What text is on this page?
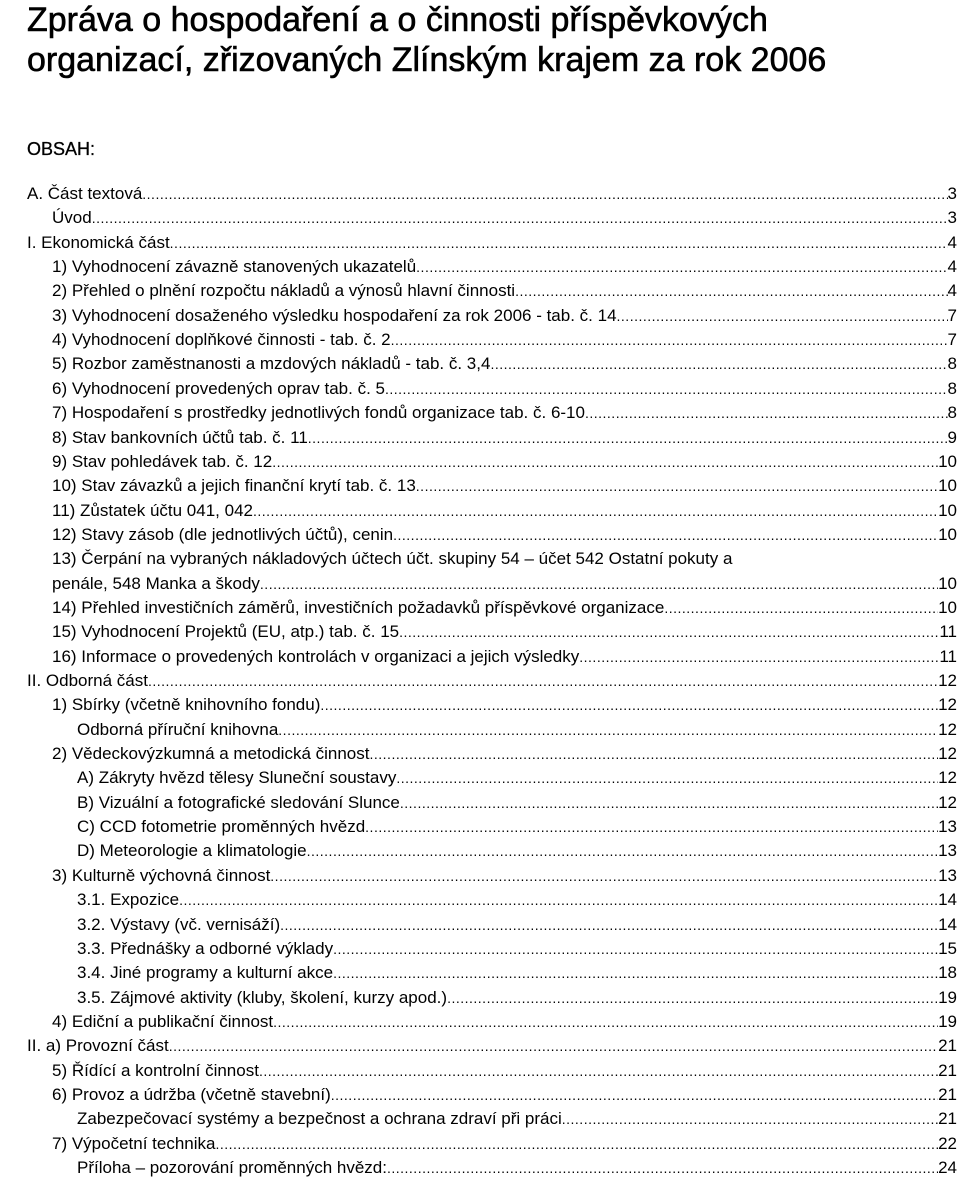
Zpráva o hospodaření a o činnosti příspěvkových
organizací, zřizovaných Zlínským krajem za rok 2006
OBSAH:
A. Část textová .....	3
Úvod .....	3
I. Ekonomická část .....	4
1) Vyhodnocení závazně stanovených ukazatelů .....	4
2) Přehled o plnění rozpočtu nákladů a výnosů hlavní činnosti .....	4
3) Vyhodnocení dosaženého výsledku hospodaření za rok 2006 - tab. č. 14 .....	7
4) Vyhodnocení doplňkové činnosti - tab. č. 2 .....	7
5) Rozbor zaměstnanosti a mzdových nákladů - tab. č. 3,4 .....	8
6) Vyhodnocení provedených oprav tab. č. 5 .....	8
7) Hospodaření s prostředky jednotlivých fondů organizace tab. č. 6-10 .....	8
8) Stav bankovních účtů tab. č. 11 .....	9
9) Stav pohledávek tab. č. 12 .....	10
10) Stav závazků a jejich finanční krytí tab. č. 13 .....	10
11) Zůstatek účtu 041, 042 .....	10
12) Stavy zásob (dle jednotlivých účtů), cenin .....	10
13) Čerpání na vybraných nákladových účtech účt. skupiny 54 – účet 542 Ostatní pokuty a
penále, 548 Manka a škody .....	10
14) Přehled investičních záměrů, investičních požadavků příspěvkové organizace .....	10
15) Vyhodnocení Projektů (EU, atp.) tab. č. 15 .....	11
16) Informace o provedených kontrolách v organizaci a jejich výsledky .....	11
II. Odborná část .....	12
1) Sbírky (včetně knihovního fondu) .....	12
Odborná příruční knihovna .....	12
2) Vědeckovýzkumná a metodická činnost .....	12
A) Zákryty hvězd tělesy Sluneční soustavy .....	12
B) Vizuální a fotografické sledování Slunce .....	12
C) CCD fotometrie proměnných hvězd .....	13
D) Meteorologie a klimatologie .....	13
3) Kulturně výchovná činnost .....	13
3.1. Expozice .....	14
3.2. Výstavy (vč. vernisáží) .....	14
3.3. Přednášky a odborné výklady .....	15
3.4. Jiné programy a kulturní akce .....	18
3.5. Zájmové aktivity (kluby, školení, kurzy apod.) .....	19
4) Ediční a publikační činnost .....	19
II. a) Provozní část .....	21
5) Řídící a kontrolní činnost .....	21
6) Provoz a údržba (včetně stavební) .....	21
Zabezpečovací systémy a bezpečnost a ochrana zdraví při práci .....	21
7) Výpočetní technika .....	22
Příloha – pozorování proměnných hvězd: .....	24
